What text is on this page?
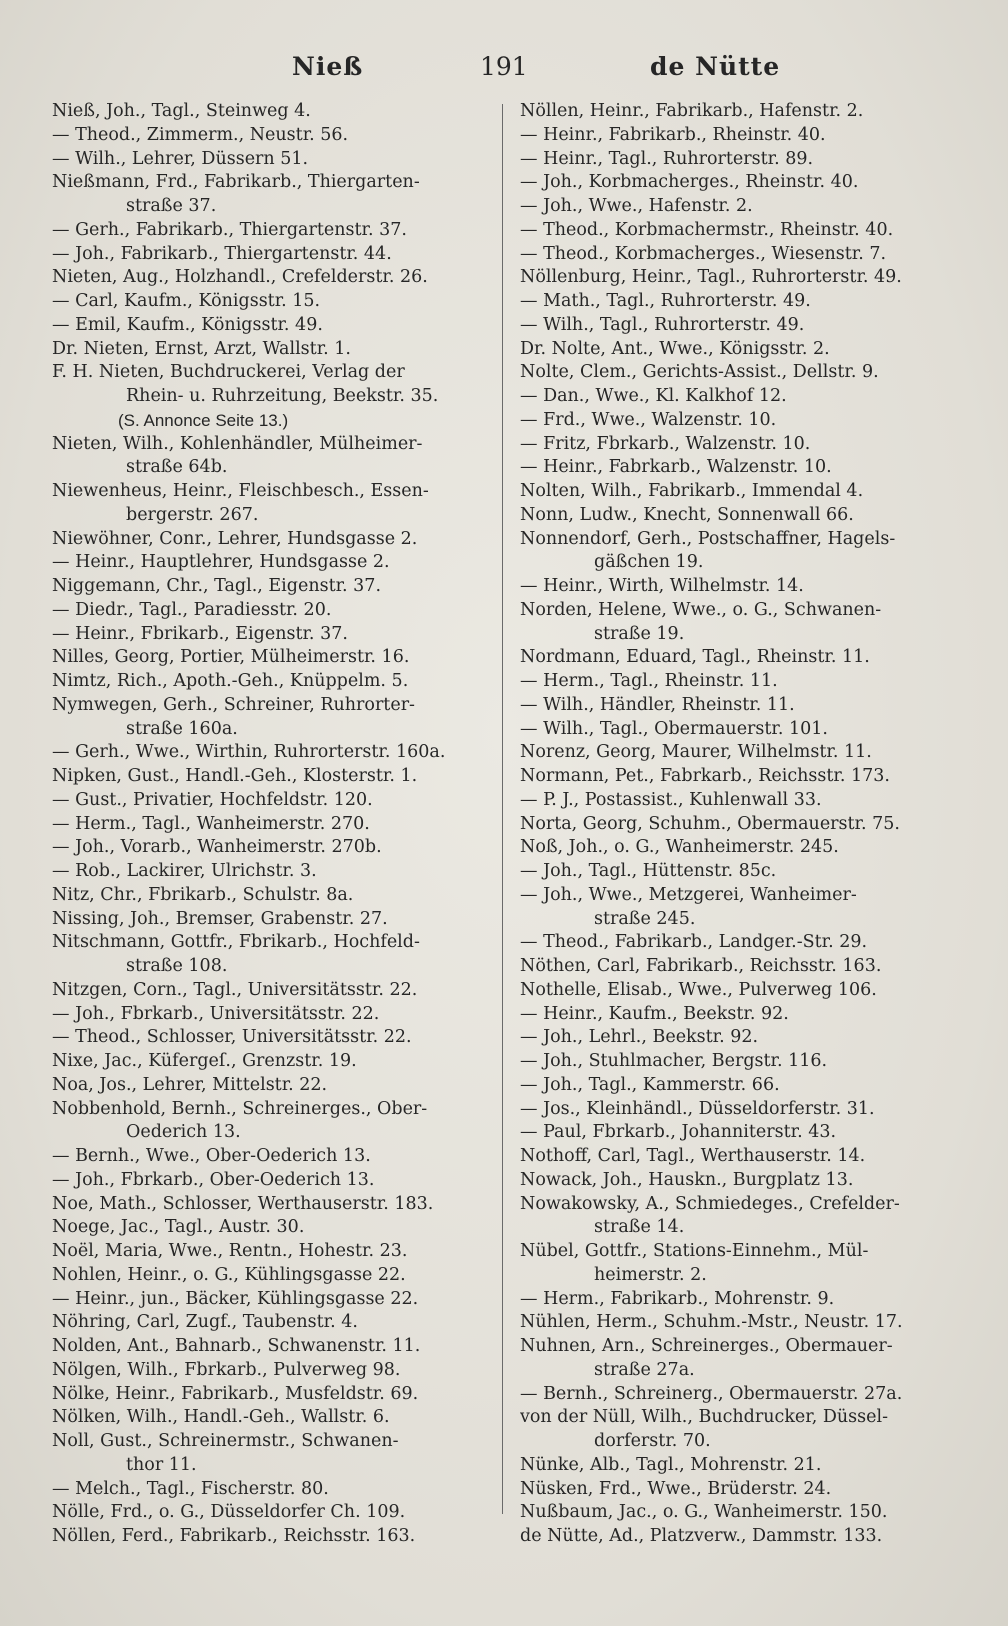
Nieß	191	de Nütte
Nieß, Joh., Tagl., Steinweg 4.
— Theod., Zimmerm., Neustr. 56.
— Wilh., Lehrer, Düssern 51.
Nießmann, Frd., Fabrikarb., Thiergarten-
straße 37.
— Gerh., Fabrikarb., Thiergartenstr. 37.
— Joh., Fabrikarb., Thiergartenstr. 44.
Nieten, Aug., Holzhandl., Crefelderstr. 26.
— Carl, Kaufm., Königsstr. 15.
— Emil, Kaufm., Königsstr. 49.
Dr. Nieten, Ernst, Arzt, Wallstr. 1.
F. H. Nieten, Buchdruckerei, Verlag der
Rhein- u. Ruhrzeitung, Beekstr. 35.
(S. Annonce Seite 13.)
Nieten, Wilh., Kohlenhändler, Mülheimer-
straße 64b.
Niewenheus, Heinr., Fleischbesch., Essen-
bergerstr. 267.
Niewöhner, Conr., Lehrer, Hundsgasse 2.
— Heinr., Hauptlehrer, Hundsgasse 2.
Niggemann, Chr., Tagl., Eigenstr. 37.
— Diedr., Tagl., Paradiesstr. 20.
— Heinr., Fbrikarb., Eigenstr. 37.
Nilles, Georg, Portier, Mülheimerstr. 16.
Nimtz, Rich., Apoth.-Geh., Knüppelm. 5.
Nymwegen, Gerh., Schreiner, Ruhrorter-
straße 160a.
— Gerh., Wwe., Wirthin, Ruhrorterstr. 160a.
Nipken, Gust., Handl.-Geh., Klosterstr. 1.
— Gust., Privatier, Hochfeldstr. 120.
— Herm., Tagl., Wanheimerstr. 270.
— Joh., Vorarb., Wanheimerstr. 270b.
— Rob., Lackirer, Ulrichstr. 3.
Nitz, Chr., Fbrikarb., Schulstr. 8a.
Nissing, Joh., Bremser, Grabenstr. 27.
Nitschmann, Gottfr., Fbrikarb., Hochfeld-
straße 108.
Nitzgen, Corn., Tagl., Universitätsstr. 22.
— Joh., Fbrkarb., Universitätsstr. 22.
— Theod., Schlosser, Universitätsstr. 22.
Nixe, Jac., Küfergeſ., Grenzstr. 19.
Noa, Jos., Lehrer, Mittelstr. 22.
Nobbenhold, Bernh., Schreinerges., Ober-
Oederich 13.
— Bernh., Wwe., Ober-Oederich 13.
— Joh., Fbrkarb., Ober-Oederich 13.
Noe, Math., Schlosser, Werthauserstr. 183.
Noege, Jac., Tagl., Austr. 30.
Noël, Maria, Wwe., Rentn., Hohestr. 23.
Nohlen, Heinr., o. G., Kühlingsgasse 22.
— Heinr., jun., Bäcker, Kühlingsgasse 22.
Nöhring, Carl, Zugf., Taubenstr. 4.
Nolden, Ant., Bahnarb., Schwanenstr. 11.
Nölgen, Wilh., Fbrkarb., Pulverweg 98.
Nölke, Heinr., Fabrikarb., Musfeldstr. 69.
Nölken, Wilh., Handl.-Geh., Wallstr. 6.
Noll, Gust., Schreinermstr., Schwanen-
thor 11.
— Melch., Tagl., Fischerstr. 80.
Nölle, Frd., o. G., Düsseldorfer Ch. 109.
Nöllen, Ferd., Fabrikarb., Reichsstr. 163.
Nöllen, Heinr., Fabrikarb., Hafenstr. 2.
— Heinr., Fabrikarb., Rheinstr. 40.
— Heinr., Tagl., Ruhrorterstr. 89.
— Joh., Korbmacherges., Rheinstr. 40.
— Joh., Wwe., Hafenstr. 2.
— Theod., Korbmachermstr., Rheinstr. 40.
— Theod., Korbmacherges., Wiesenstr. 7.
Nöllenburg, Heinr., Tagl., Ruhrorterstr. 49.
— Math., Tagl., Ruhrorterstr. 49.
— Wilh., Tagl., Ruhrorterstr. 49.
Dr. Nolte, Ant., Wwe., Königsstr. 2.
Nolte, Clem., Gerichts-Assist., Dellstr. 9.
— Dan., Wwe., Kl. Kalkhof 12.
— Frd., Wwe., Walzenstr. 10.
— Fritz, Fbrkarb., Walzenstr. 10.
— Heinr., Fabrkarb., Walzenstr. 10.
Nolten, Wilh., Fabrikarb., Immendal 4.
Nonn, Ludw., Knecht, Sonnenwall 66.
Nonnendorf, Gerh., Postschaffner, Hagels-
gäßchen 19.
— Heinr., Wirth, Wilhelmstr. 14.
Norden, Helene, Wwe., o. G., Schwanen-
straße 19.
Nordmann, Eduard, Tagl., Rheinstr. 11.
— Herm., Tagl., Rheinstr. 11.
— Wilh., Händler, Rheinstr. 11.
— Wilh., Tagl., Obermauerstr. 101.
Norenz, Georg, Maurer, Wilhelmstr. 11.
Normann, Pet., Fabrkarb., Reichsstr. 173.
— P. J., Postassist., Kuhlenwall 33.
Norta, Georg, Schuhm., Obermauerstr. 75.
Noß, Joh., o. G., Wanheimerstr. 245.
— Joh., Tagl., Hüttenstr. 85c.
— Joh., Wwe., Metzgerei, Wanheimer-
straße 245.
— Theod., Fabrikarb., Landger.-Str. 29.
Nöthen, Carl, Fabrikarb., Reichsstr. 163.
Nothelle, Elisab., Wwe., Pulverweg 106.
— Heinr., Kaufm., Beekstr. 92.
— Joh., Lehrl., Beekstr. 92.
— Joh., Stuhlmacher, Bergstr. 116.
— Joh., Tagl., Kammerstr. 66.
— Jos., Kleinhändl., Düsseldorferstr. 31.
— Paul, Fbrkarb., Johanniterstr. 43.
Nothoff, Carl, Tagl., Werthauserstr. 14.
Nowack, Joh., Hauskn., Burgplatz 13.
Nowakowsky, A., Schmiedeges., Crefelder-
straße 14.
Nübel, Gottfr., Stations-Einnehm., Mül-
heimerstr. 2.
— Herm., Fabrikarb., Mohrenstr. 9.
Nühlen, Herm., Schuhm.-Mstr., Neustr. 17.
Nuhnen, Arn., Schreinerges., Obermauer-
straße 27a.
— Bernh., Schreinerg., Obermauerstr. 27a.
von der Nüll, Wilh., Buchdrucker, Düssel-
dorferstr. 70.
Nünke, Alb., Tagl., Mohrenstr. 21.
Nüsken, Frd., Wwe., Brüderstr. 24.
Nußbaum, Jac., o. G., Wanheimerstr. 150.
de Nütte, Ad., Platzverw., Dammstr. 133.
